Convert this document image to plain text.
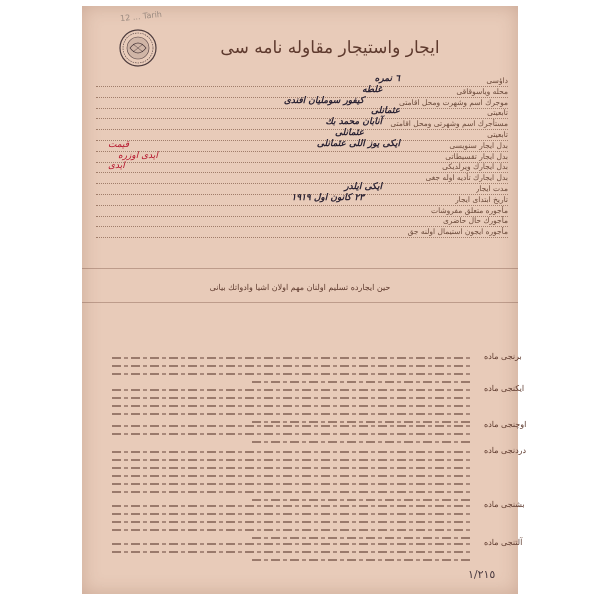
12 ... Tarih
ایجار واستیجار مقاوله نامه سی
داؤسی
٦ نمره
محله ویاسوقاقی
غلطه
موجرك اسم وشهرت ومحل اقامتی
کیفور سوملیان افندی
تابعیتی
عثمانلی
مستأجرك اسم وشهرتی ومحل اقامتی
آنابان محمد بك
تابعیتی
عثمانلی
بدل ایجار سنویسی
ایکی یوز اللی عثمانلی
قیمت
بدل ایجار تقسیطاتی
ایدی اوزره
بدل ایجارك ویرلدیکی
ایدی
بدل ایجارك تأدیه اوله جغی
مدت ایجار
ایکی ایلدر
تاریخ ابتدای ایجار
٢٣ كانون اول ١٩١٩
مأجوره متعلق مفروشات
مأجورك حال حاضری
مأجوره ایجون استیمال اولنه جق
حین ایجارده تسلیم اولنان مهم اولان اشیا وادواتك بیانی
برنجی ماده
ایکنجی ماده
اوچنجی ماده
دردنجی ماده
بشنجی ماده
آلتنجی ماده
١/٢١٥
